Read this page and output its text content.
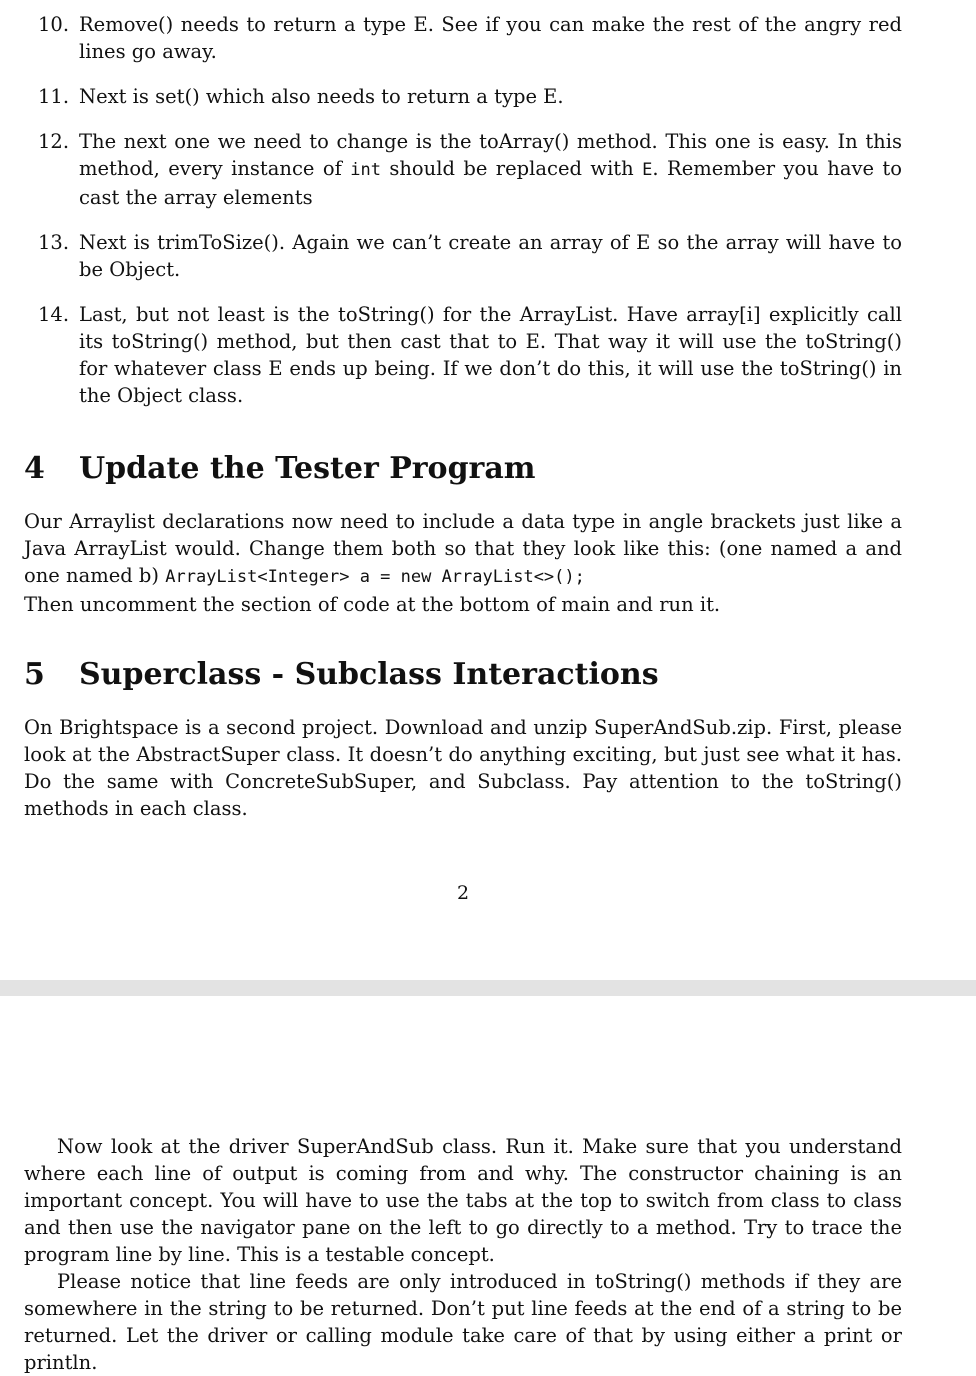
10. Remove() needs to return a type E. See if you can make the rest of the angry red lines go away.
11. Next is set() which also needs to return a type E.
12. The next one we need to change is the toArray() method. This one is easy. In this method, every instance of int should be replaced with E. Remember you have to cast the array elements
13. Next is trimToSize(). Again we can’t create an array of E so the array will have to be Object.
14. Last, but not least is the toString() for the ArrayList. Have array[i] explicitly call its toString() method, but then cast that to E. That way it will use the toString() for whatever class E ends up being. If we don’t do this, it will use the toString() in the Object class.
4 Update the Tester Program

Our Arraylist declarations now need to include a data type in angle brackets just like a Java ArrayList would. Change them both so that they look like this: (one named a and one named b) ArrayList<Integer> a = new ArrayList<>();
Then uncomment the section of code at the bottom of main and run it.

5 Superclass - Subclass Interactions

On Brightspace is a second project. Download and unzip SuperAndSub.zip. First, please look at the AbstractSuper class. It doesn’t do anything exciting, but just see what it has. Do the same with ConcreteSubSuper, and Subclass. Pay attention to the toString() methods in each class.

2

Now look at the driver SuperAndSub class. Run it. Make sure that you understand where each line of output is coming from and why. The constructor chaining is an important concept. You will have to use the tabs at the top to switch from class to class and then use the navigator pane on the left to go directly to a method. Try to trace the program line by line. This is a testable concept.

Please notice that line feeds are only introduced in toString() methods if they are somewhere in the string to be returned. Don’t put line feeds at the end of a string to be returned. Let the driver or calling module take care of that by using either a print or println.
